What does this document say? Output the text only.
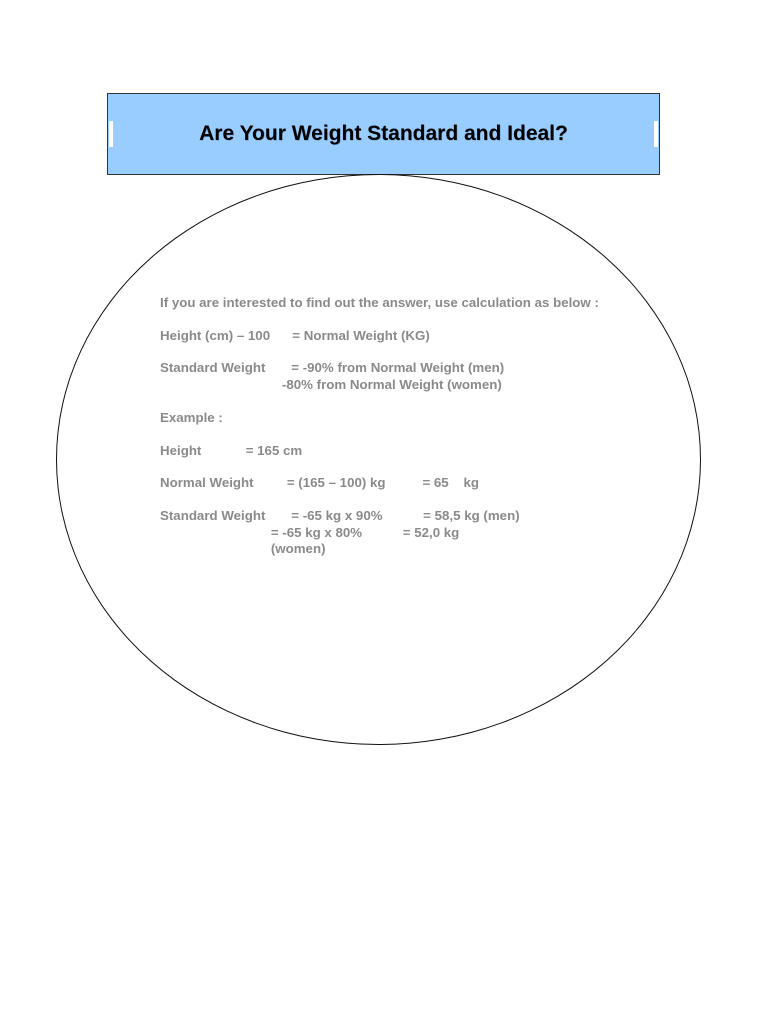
Are Your Weight Standard and Ideal?
If you are interested to find out the answer, use calculation as below :
Height (cm) – 100      = Normal Weight (KG)
Standard Weight       = -90% from Normal Weight (men)
-80% from Normal Weight (women)
Example :
Height            = 165 cm
Normal Weight         = (165 – 100) kg          = 65    kg
Standard Weight       = -65 kg x 90%           = 58,5 kg (men)
= -65 kg x 80%           = 52,0 kg
(women)
